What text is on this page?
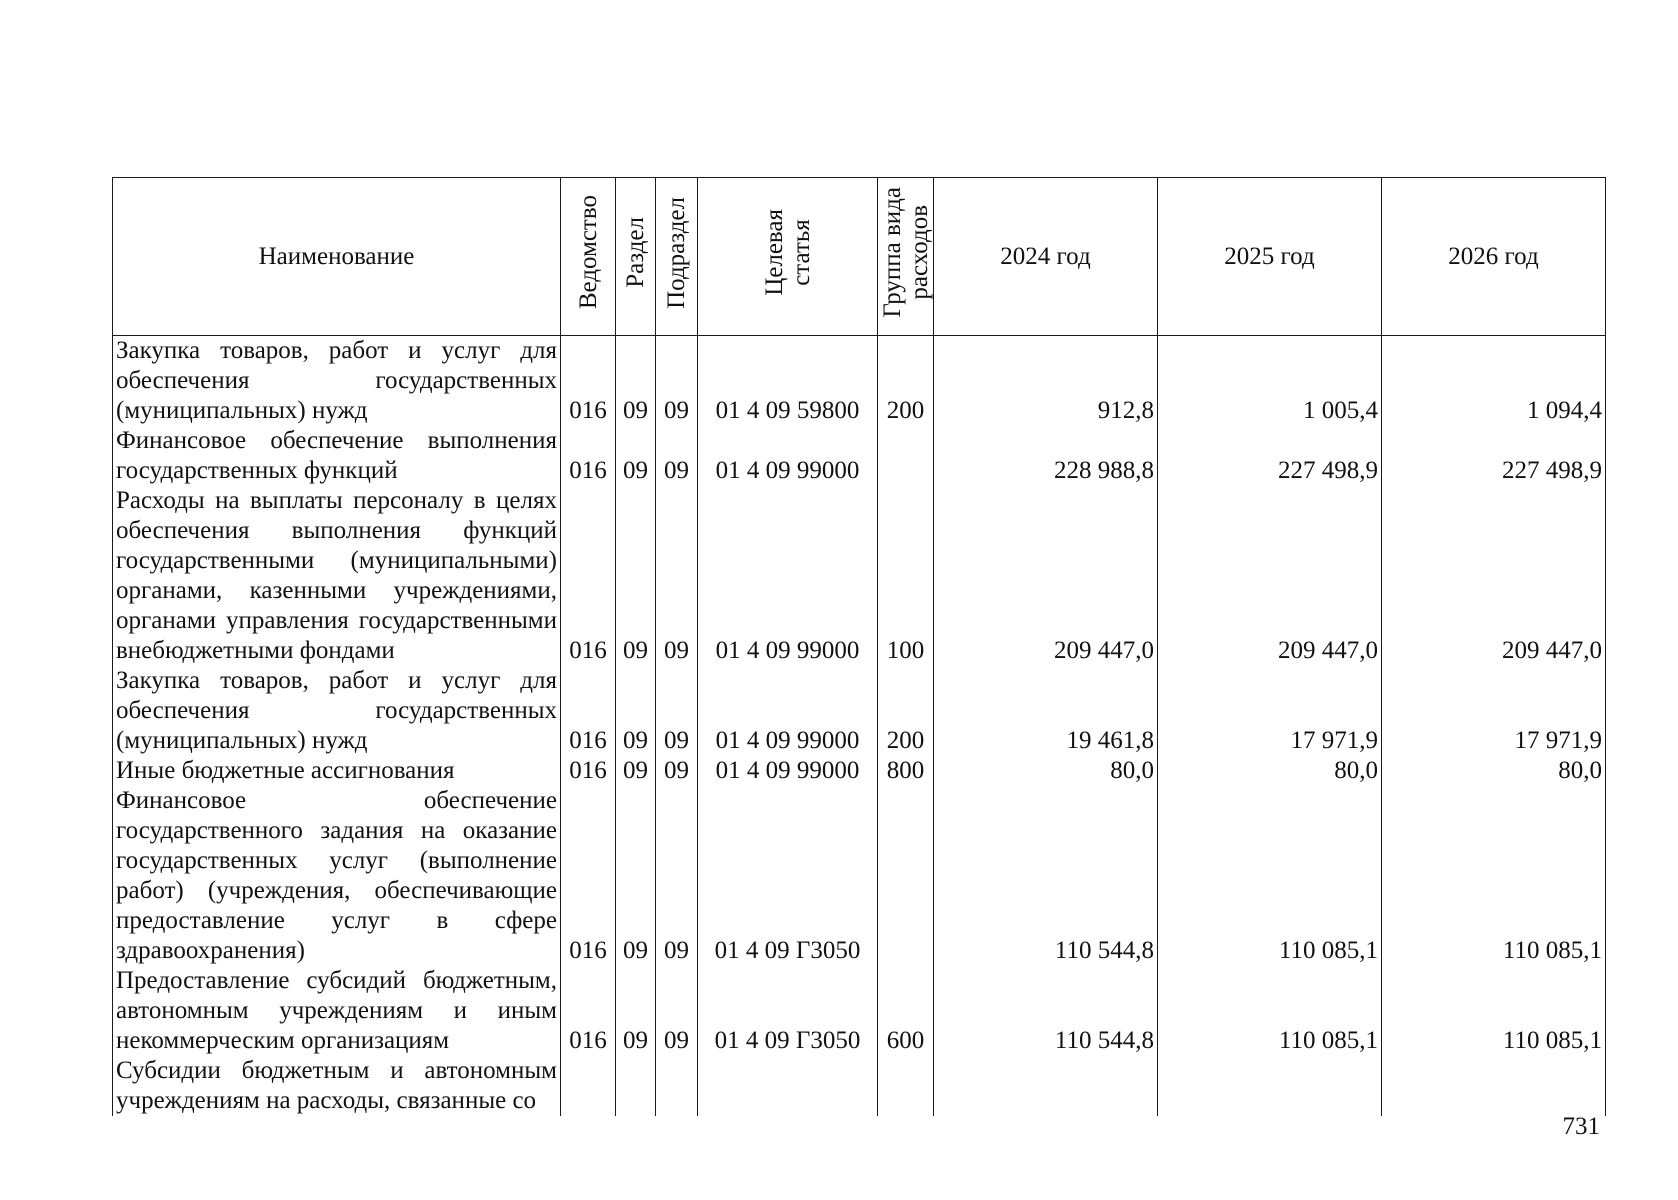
Наименование	Ведомство	Раздел	Подраздел	Целевая статья	Группа вида расходов	2024 год	2025 год	2026 год
Закупка товаров, работ и услуг для обеспечения государственных (муниципальных) нужд	016	09	09	01 4 09 59800	200	912,8	1 005,4	1 094,4
Финансовое обеспечение выполнения государственных функций	016	09	09	01 4 09 99000		228 988,8	227 498,9	227 498,9
Расходы на выплаты персоналу в целях обеспечения выполнения функций государственными (муниципальными) органами, казенными учреждениями, органами управления государственными внебюджетными фондами	016	09	09	01 4 09 99000	100	209 447,0	209 447,0	209 447,0
Закупка товаров, работ и услуг для обеспечения государственных (муниципальных) нужд	016	09	09	01 4 09 99000	200	19 461,8	17 971,9	17 971,9
Иные бюджетные ассигнования	016	09	09	01 4 09 99000	800	80,0	80,0	80,0
Финансовое обеспечение государственного задания на оказание государственных услуг (выполнение работ) (учреждения, обеспечивающие предоставление услуг в сфере здравоохранения)	016	09	09	01 4 09 Г3050		110 544,8	110 085,1	110 085,1
Предоставление субсидий бюджетным, автономным учреждениям и иным некоммерческим организациям	016	09	09	01 4 09 Г3050	600	110 544,8	110 085,1	110 085,1
Субсидии бюджетным и автономным учреждениям на расходы, связанные со								
731
